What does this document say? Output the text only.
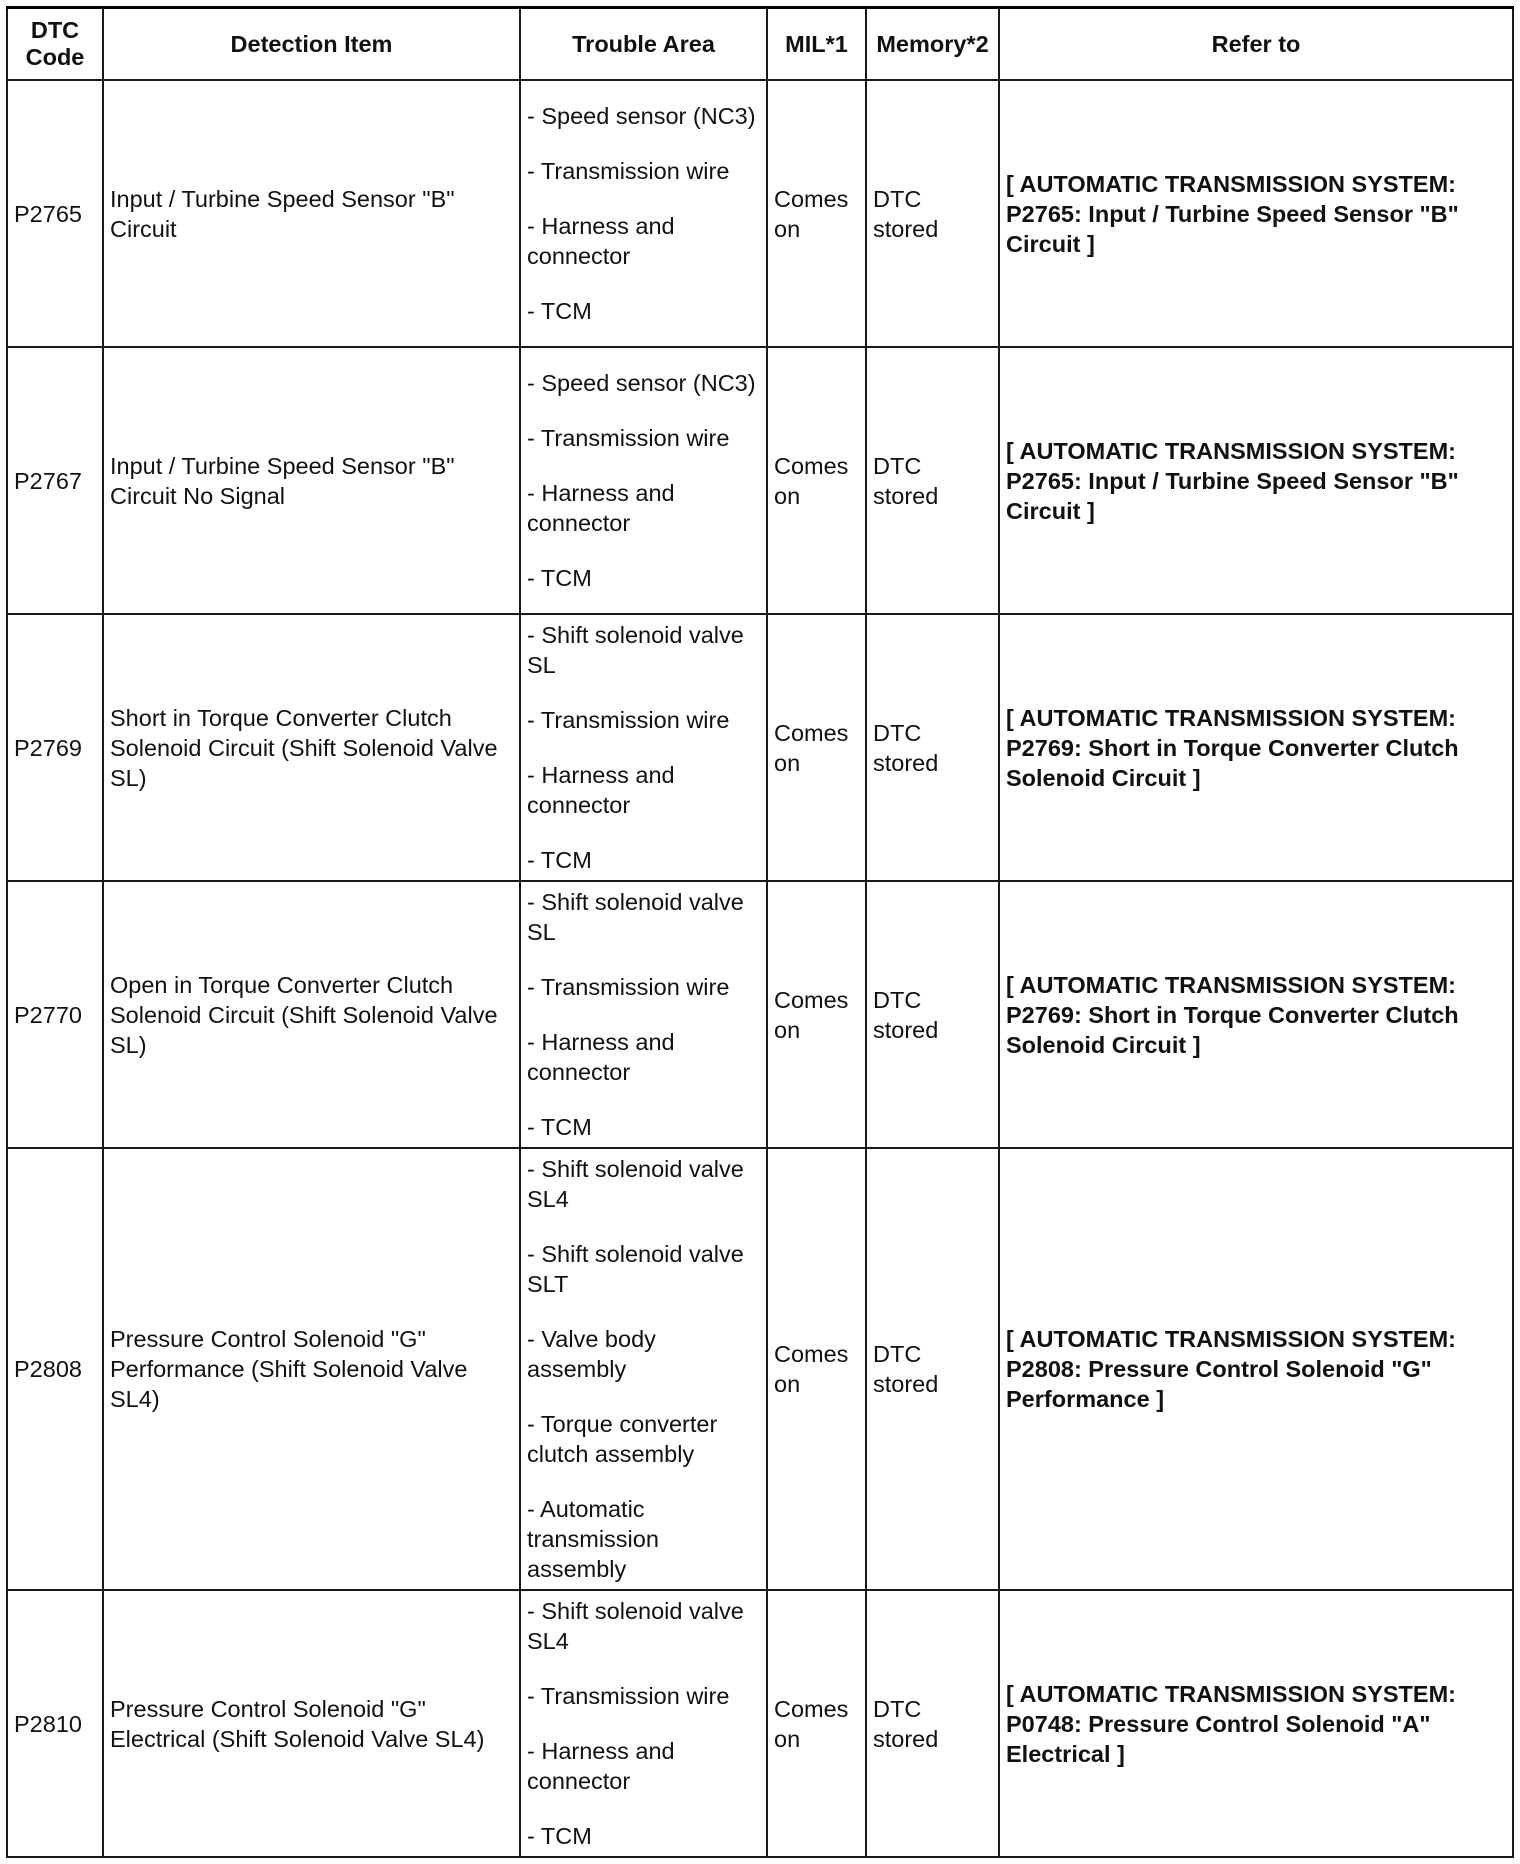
DTC
Code	Detection Item	Trouble Area	MIL*1	Memory*2	Refer to
P2765	Input / Turbine Speed Sensor "B" Circuit	- Speed sensor (NC3)
- Transmission wire
- Harness and connector
- TCM	Comes on	DTC stored	[ AUTOMATIC TRANSMISSION SYSTEM: P2765: Input / Turbine Speed Sensor "B" Circuit ]
P2767	Input / Turbine Speed Sensor "B" Circuit No Signal	- Speed sensor (NC3)
- Transmission wire
- Harness and connector
- TCM	Comes on	DTC stored	[ AUTOMATIC TRANSMISSION SYSTEM: P2765: Input / Turbine Speed Sensor "B" Circuit ]
P2769	Short in Torque Converter Clutch Solenoid Circuit (Shift Solenoid Valve SL)	- Shift solenoid valve SL
- Transmission wire
- Harness and connector
- TCM	Comes on	DTC stored	[ AUTOMATIC TRANSMISSION SYSTEM: P2769: Short in Torque Converter Clutch Solenoid Circuit ]
P2770	Open in Torque Converter Clutch Solenoid Circuit (Shift Solenoid Valve SL)	- Shift solenoid valve SL
- Transmission wire
- Harness and connector
- TCM	Comes on	DTC stored	[ AUTOMATIC TRANSMISSION SYSTEM: P2769: Short in Torque Converter Clutch Solenoid Circuit ]
P2808	Pressure Control Solenoid "G" Performance (Shift Solenoid Valve SL4)	- Shift solenoid valve SL4
- Shift solenoid valve SLT
- Valve body assembly
- Torque converter clutch assembly
- Automatic transmission assembly	Comes on	DTC stored	[ AUTOMATIC TRANSMISSION SYSTEM: P2808: Pressure Control Solenoid "G" Performance ]
P2810	Pressure Control Solenoid "G" Electrical (Shift Solenoid Valve SL4)	- Shift solenoid valve SL4
- Transmission wire
- Harness and connector
- TCM	Comes on	DTC stored	[ AUTOMATIC TRANSMISSION SYSTEM: P0748: Pressure Control Solenoid "A" Electrical ]
